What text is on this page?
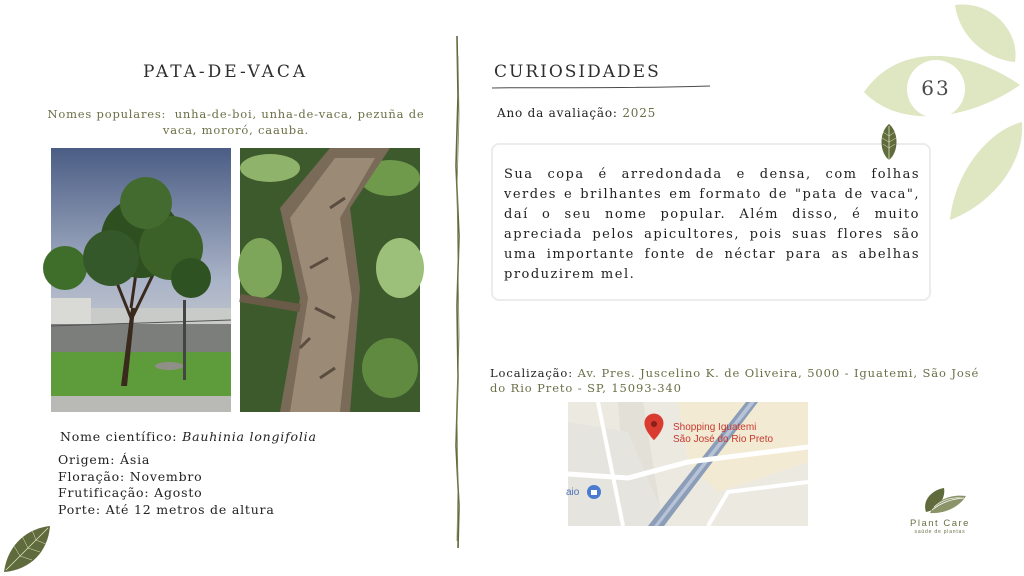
PATA-DE-VACA
Nomes populares: unha-de-boi, unha-de-vaca, pezuña de vaca, mororó, caauba.
Nome científico: Bauhinia longifolia
Origem: Ásia
Floração: Novembro
Frutificação: Agosto
Porte: Até 12 metros de altura
CURIOSIDADES
Ano da avaliação: 2025

Sua copa é arredondada e densa, com folhas verdes e brilhantes em formato de "pata de vaca", daí o seu nome popular. Além disso, é muito apreciada pelos apicultores, pois suas flores são uma importante fonte de néctar para as abelhas produzirem mel.

Localização: Av. Pres. Juscelino K. de Oliveira, 5000 - Iguatemi, São José do Rio Preto - SP, 15093-340
Shopping Iguatemi
São José do Rio Preto
aio
63
Plant Care
saúde de plantas
